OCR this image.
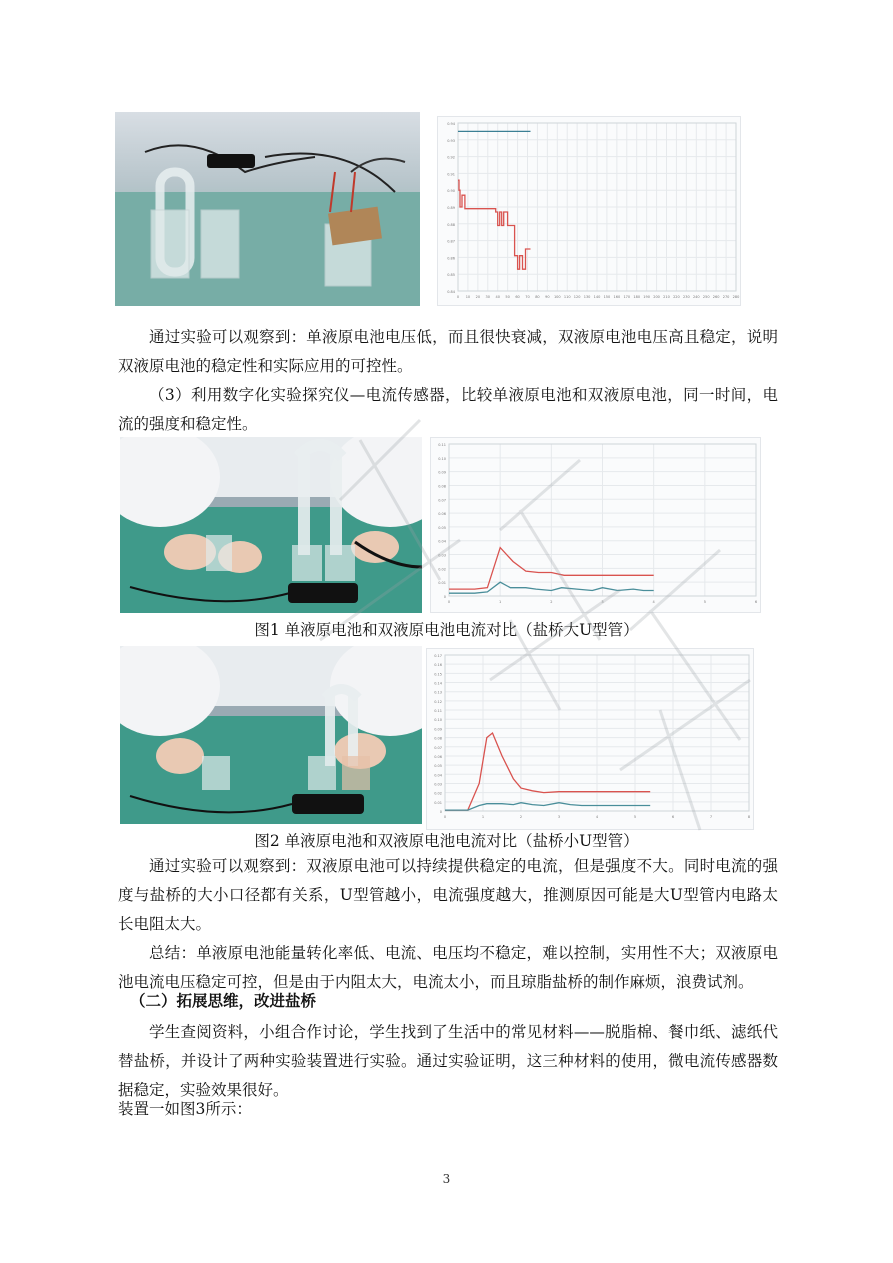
0.94
0.93
0.92
0.91
0.90
0.89
0.88
0.87
0.86
0.85
0.84
0 10 20 30 40 50 60 70 80 90 100 110 120 130 140 150 160 170 180 190 200 210 220 230 240 250 260 270 280
通过实验可以观察到：单液原电池电压低，而且很快衰减，双液原电池电压高且稳定，说明双液原电池的稳定性和实际应用的可控性。
（3）利用数字化实验探究仪—电流传感器，比较单液原电池和双液原电池，同一时间，电流的强度和稳定性。
0.11
0.10
0.09
0.08
0.07
0.06
0.05
0.04
0.03
0.02
0.01
0
0	1	2	3	4	5	6
图1 单液原电池和双液原电池电流对比（盐桥大U型管）
0.17
0.16
0.15
0.14
0.13
0.12
0.11
0.10
0.09
0.08
0.07
0.06
0.05
0.04
0.03
0.02
0.01
0
0	1	2	3	4	5	6	7	8
图2 单液原电池和双液原电池电流对比（盐桥小U型管）
通过实验可以观察到：双液原电池可以持续提供稳定的电流，但是强度不大。同时电流的强度与盐桥的大小口径都有关系，U型管越小，电流强度越大，推测原因可能是大U型管内电路太长电阻太大。
总结：单液原电池能量转化率低、电流、电压均不稳定，难以控制，实用性不大；双液原电池电流电压稳定可控，但是由于内阻太大，电流太小，而且琼脂盐桥的制作麻烦，浪费试剂。
（二）拓展思维，改进盐桥
学生查阅资料，小组合作讨论，学生找到了生活中的常见材料——脱脂棉、餐巾纸、滤纸代替盐桥，并设计了两种实验装置进行实验。通过实验证明，这三种材料的使用，微电流传感器数据稳定，实验效果很好。
装置一如图3所示：
3
